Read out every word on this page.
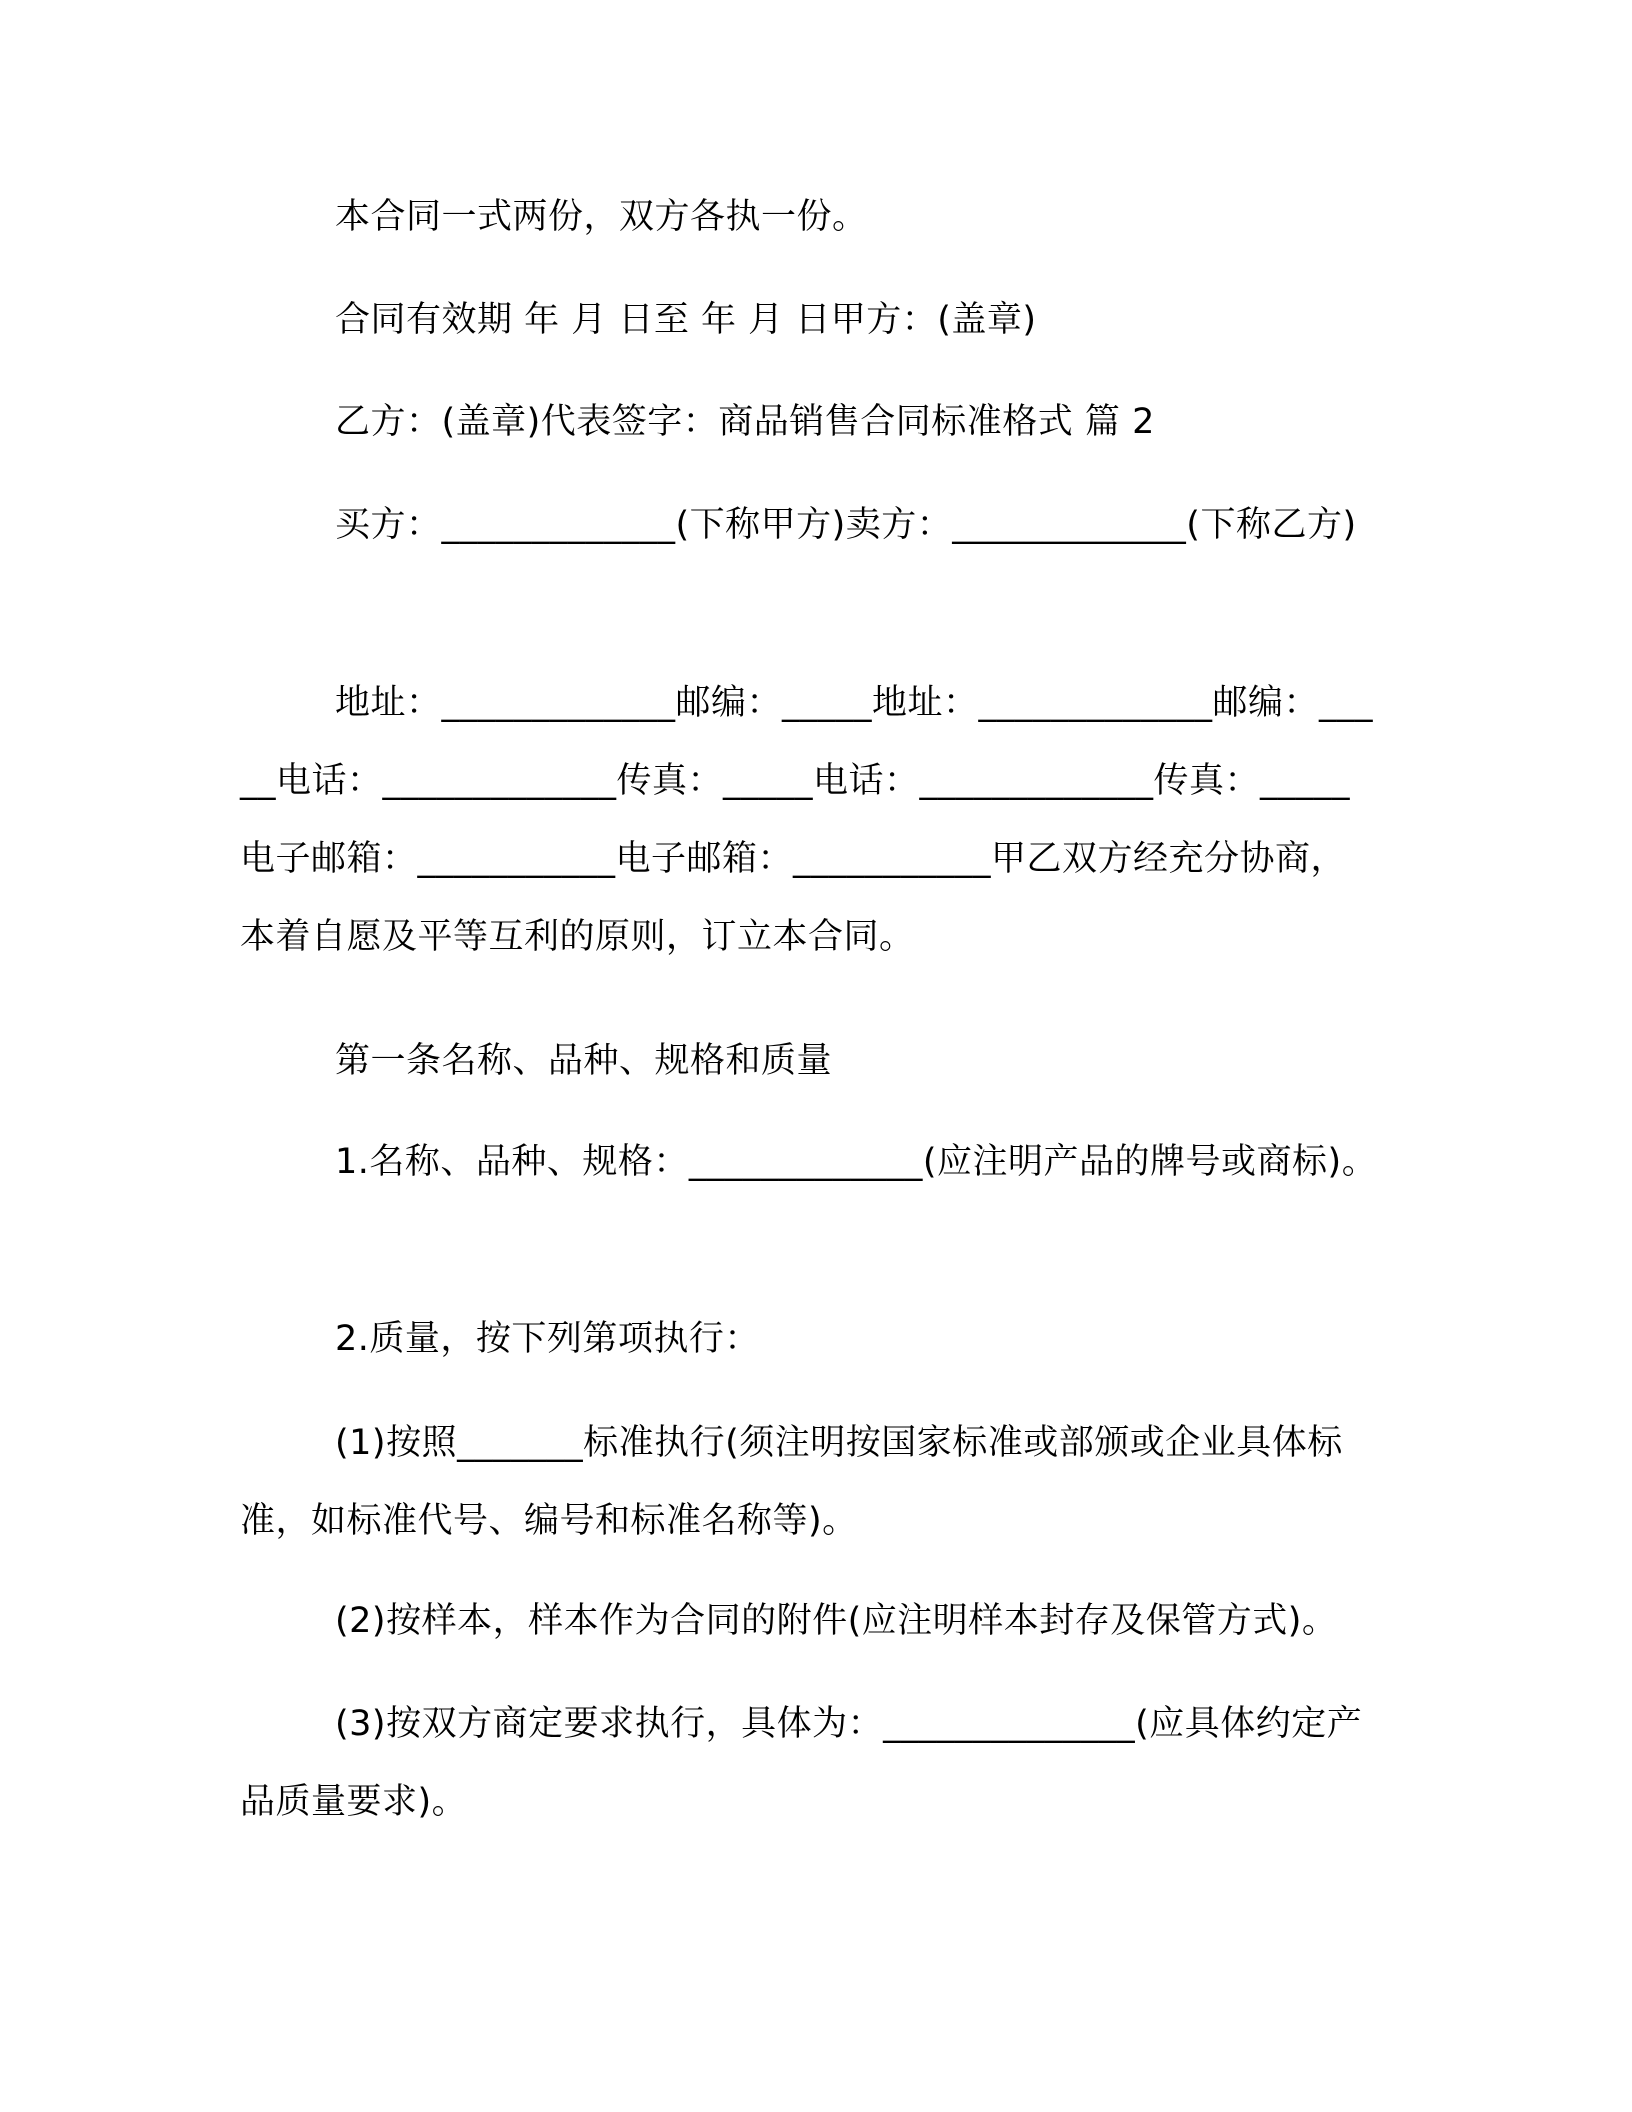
本合同一式两份，双方各执一份。

合同有效期 年 月 日至 年 月 日甲方：(盖章)

乙方：(盖章)代表签字：商品销售合同标准格式 篇 2

买方：_____________(下称甲方)卖方：_____________(下称乙方)

地址：_____________邮编：_____地址：_____________邮编：_____电话：_____________传真：_____电话：_____________传真：_____电子邮箱：___________电子邮箱：___________甲乙双方经充分协商，本着自愿及平等互利的原则，订立本合同。

第一条名称、品种、规格和质量

1.名称、品种、规格：_____________(应注明产品的牌号或商标)。

2.质量，按下列第项执行：

(1)按照_______标准执行(须注明按国家标准或部颁或企业具体标准，如标准代号、编号和标准名称等)。

(2)按样本，样本作为合同的附件(应注明样本封存及保管方式)。

(3)按双方商定要求执行，具体为：______________(应具体约定产品质量要求)。
